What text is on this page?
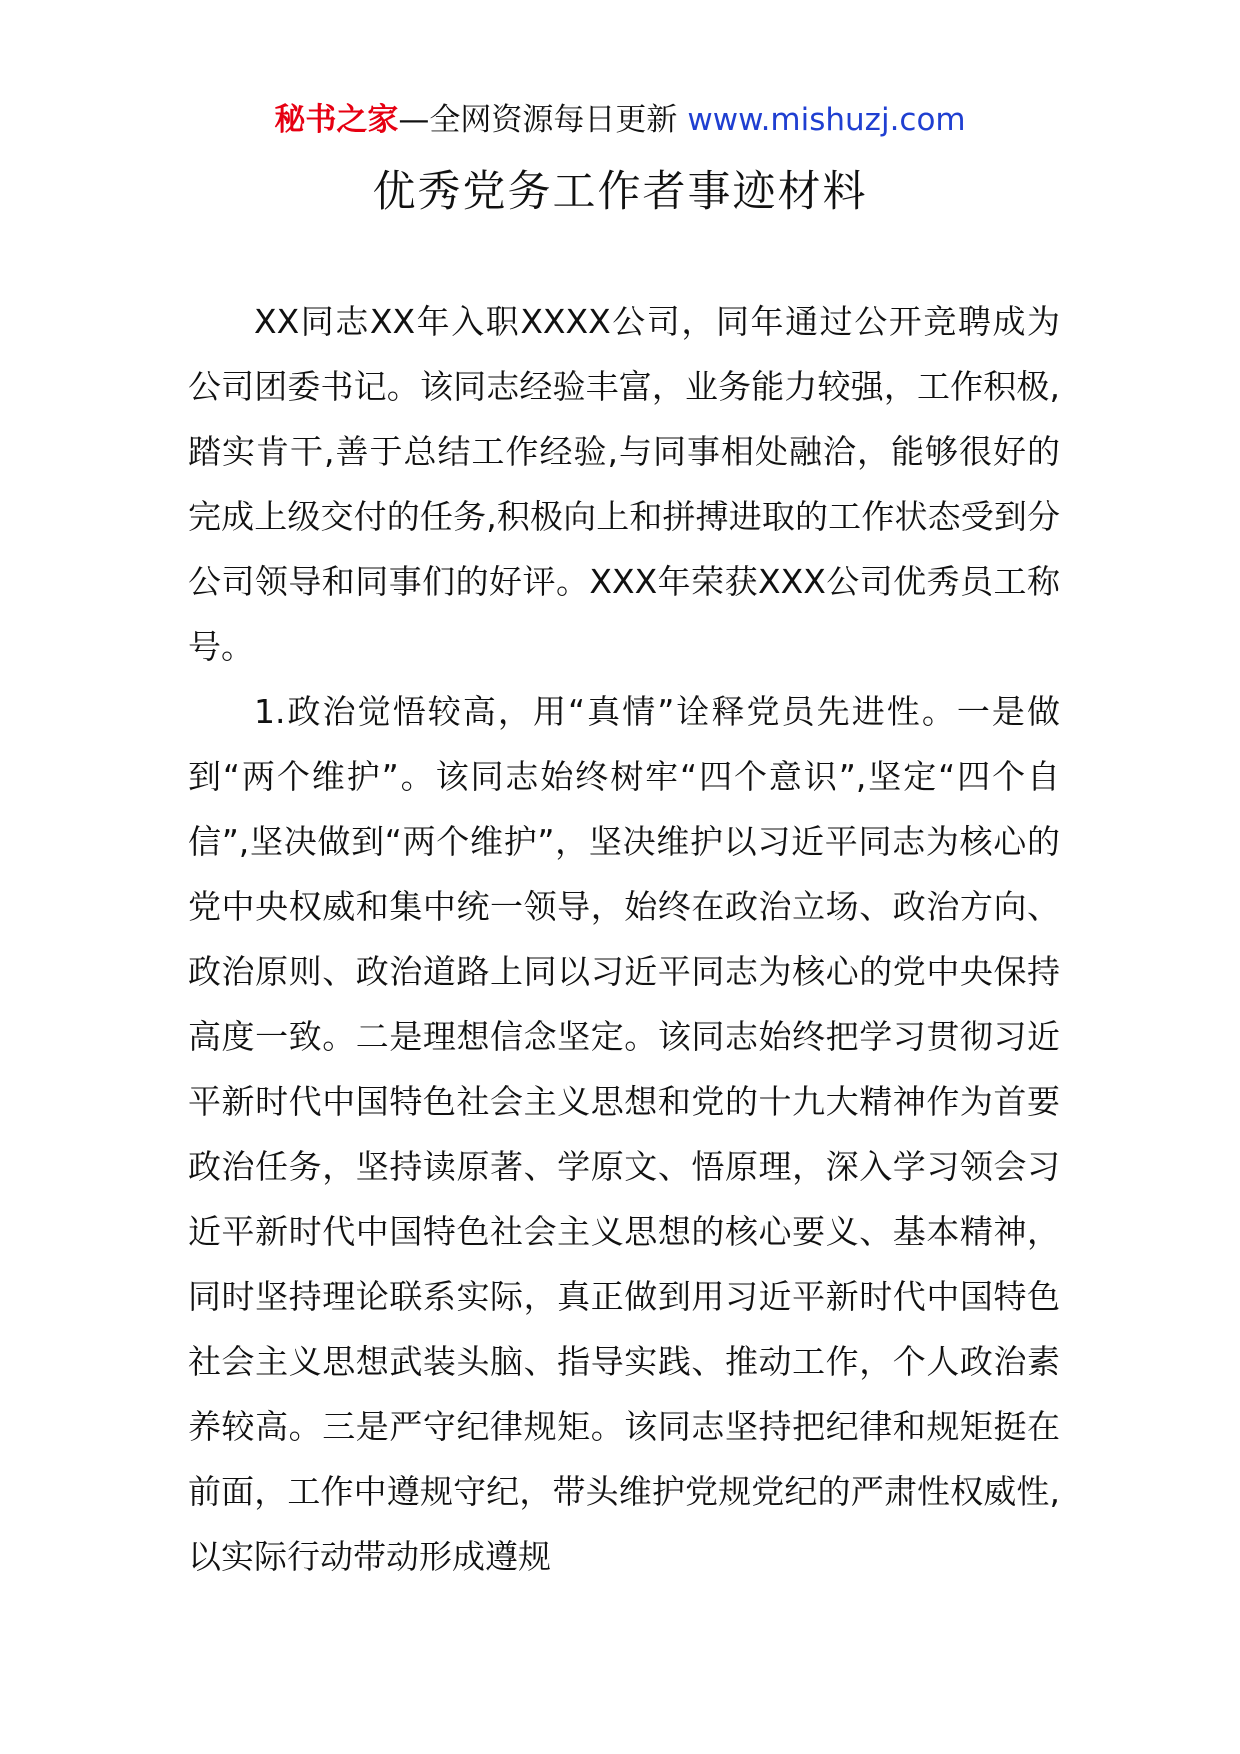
秘书之家—全网资源每日更新 www.mishuzj.com
优秀党务工作者事迹材料

XX同志XX年入职XXXX公司，同年通过公开竞聘成为公司团委书记。该同志经验丰富，业务能力较强，工作积极,踏实肯干,善于总结工作经验,与同事相处融洽，能够很好的完成上级交付的任务,积极向上和拼搏进取的工作状态受到分公司领导和同事们的好评。XXX年荣获XXX公司优秀员工称号。

1.政治觉悟较高，用“真情”诠释党员先进性。一是做到“两个维护”。该同志始终树牢“四个意识”,坚定“四个自信”,坚决做到“两个维护”，坚决维护以习近平同志为核心的党中央权威和集中统一领导，始终在政治立场、政治方向、政治原则、政治道路上同以习近平同志为核心的党中央保持高度一致。二是理想信念坚定。该同志始终把学习贯彻习近平新时代中国特色社会主义思想和党的十九大精神作为首要政治任务，坚持读原著、学原文、悟原理，深入学习领会习近平新时代中国特色社会主义思想的核心要义、基本精神，同时坚持理论联系实际，真正做到用习近平新时代中国特色社会主义思想武装头脑、指导实践、推动工作，个人政治素养较高。三是严守纪律规矩。该同志坚持把纪律和规矩挺在前面，工作中遵规守纪，带头维护党规党纪的严肃性权威性,以实际行动带动形成遵规
